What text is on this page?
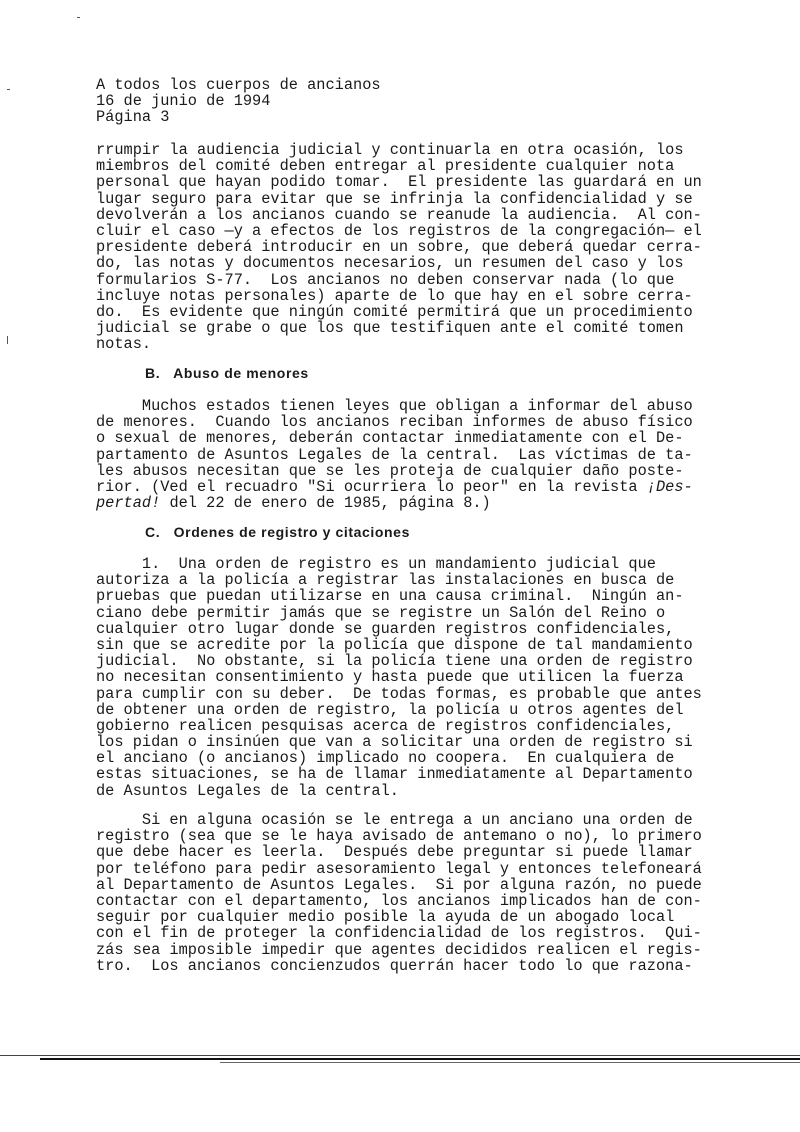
A todos los cuerpos de ancianos
16 de junio de 1994
Página 3
rrumpir la audiencia judicial y continuarla en otra ocasión, los
miembros del comité deben entregar al presidente cualquier nota
personal que hayan podido tomar.  El presidente las guardará en un
lugar seguro para evitar que se infrinja la confidencialidad y se
devolverán a los ancianos cuando se reanude la audiencia.  Al con-
cluir el caso —y a efectos de los registros de la congregación— el
presidente deberá introducir en un sobre, que deberá quedar cerra-
do, las notas y documentos necesarios, un resumen del caso y los
formularios S-77.  Los ancianos no deben conservar nada (lo que
incluye notas personales) aparte de lo que hay en el sobre cerra-
do.  Es evidente que ningún comité permitirá que un procedimiento
judicial se grabe o que los que testifiquen ante el comité tomen
notas.
B.   Abuso de menores
Muchos estados tienen leyes que obligan a informar del abuso
de menores.  Cuando los ancianos reciban informes de abuso físico
o sexual de menores, deberán contactar inmediatamente con el De-
partamento de Asuntos Legales de la central.  Las víctimas de ta-
les abusos necesitan que se les proteja de cualquier daño poste-
rior. (Ved el recuadro "Si ocurriera lo peor" en la revista ¡Des-
pertad! del 22 de enero de 1985, página 8.)
C.   Ordenes de registro y citaciones
1.  Una orden de registro es un mandamiento judicial que
autoriza a la policía a registrar las instalaciones en busca de
pruebas que puedan utilizarse en una causa criminal.  Ningún an-
ciano debe permitir jamás que se registre un Salón del Reino o
cualquier otro lugar donde se guarden registros confidenciales,
sin que se acredite por la policía que dispone de tal mandamiento
judicial.  No obstante, si la policía tiene una orden de registro
no necesitan consentimiento y hasta puede que utilicen la fuerza
para cumplir con su deber.  De todas formas, es probable que antes
de obtener una orden de registro, la policía u otros agentes del
gobierno realicen pesquisas acerca de registros confidenciales,
los pidan o insinúen que van a solicitar una orden de registro si
el anciano (o ancianos) implicado no coopera.  En cualquiera de
estas situaciones, se ha de llamar inmediatamente al Departamento
de Asuntos Legales de la central.
Si en alguna ocasión se le entrega a un anciano una orden de
registro (sea que se le haya avisado de antemano o no), lo primero
que debe hacer es leerla.  Después debe preguntar si puede llamar
por teléfono para pedir asesoramiento legal y entonces telefoneará
al Departamento de Asuntos Legales.  Si por alguna razón, no puede
contactar con el departamento, los ancianos implicados han de con-
seguir por cualquier medio posible la ayuda de un abogado local
con el fin de proteger la confidencialidad de los registros.  Qui-
zás sea imposible impedir que agentes decididos realicen el regis-
tro.  Los ancianos concienzudos querrán hacer todo lo que razona-
